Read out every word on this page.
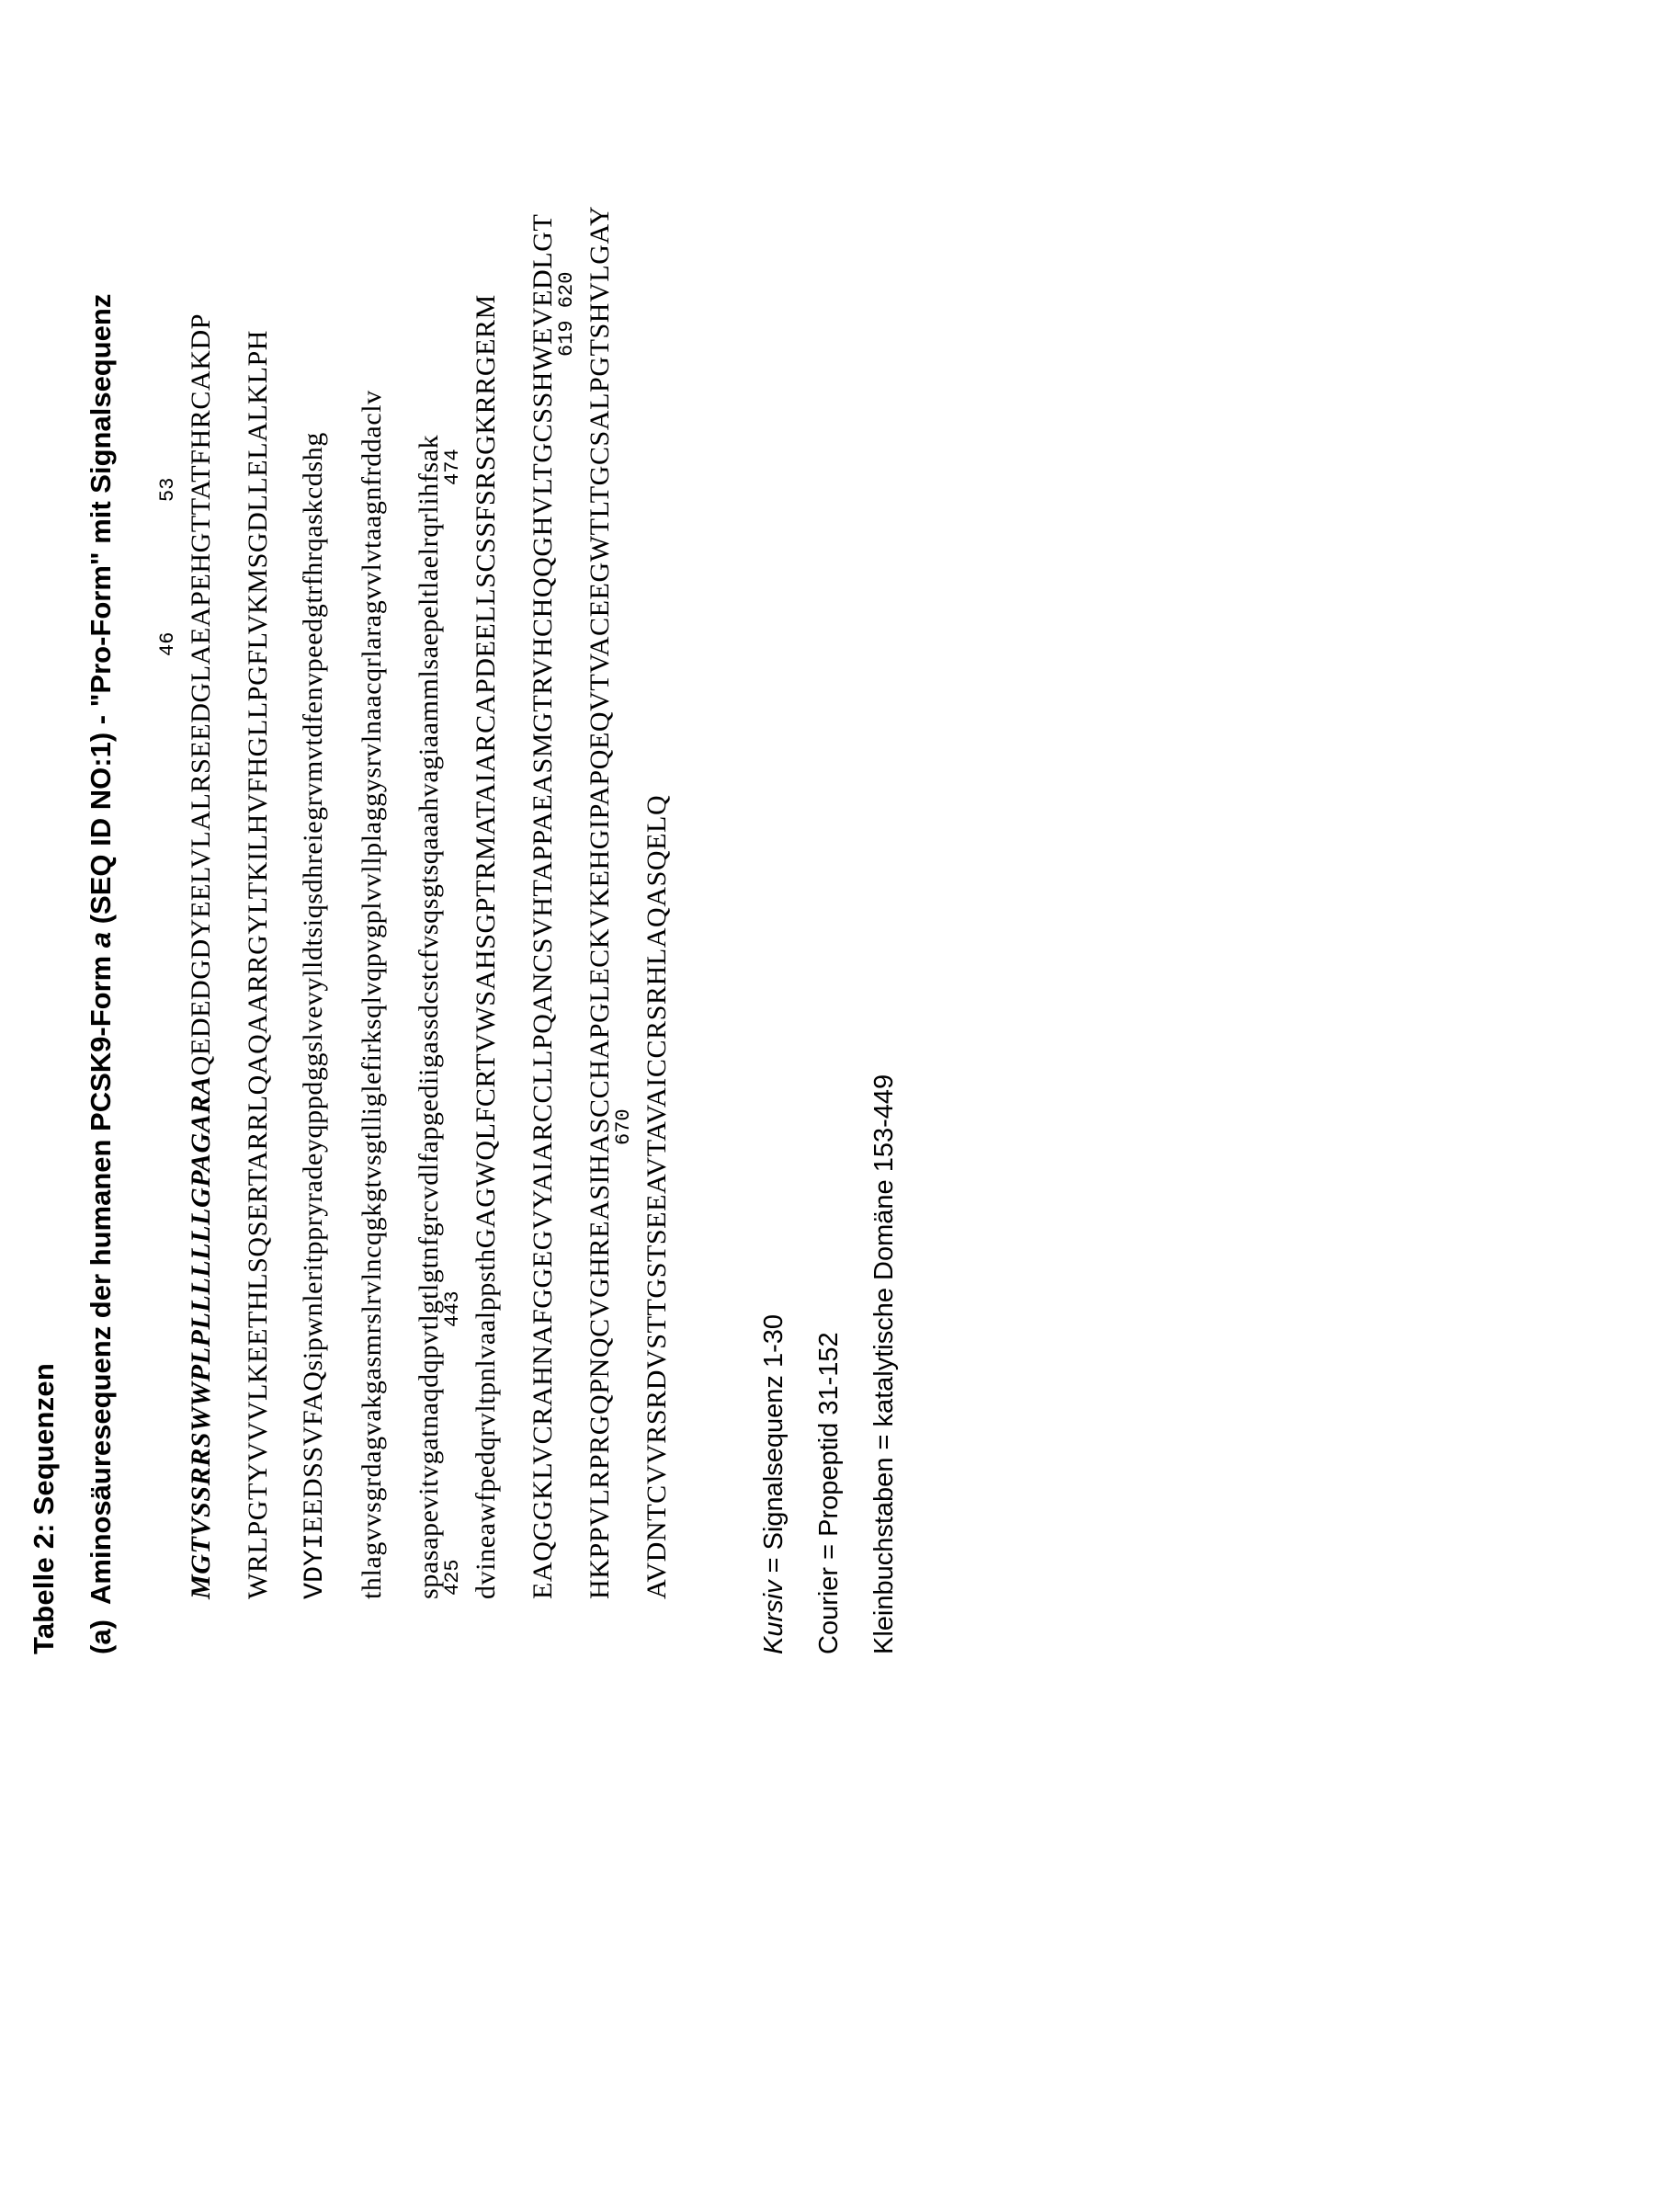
Tabelle 2: Sequenzen (a)
Aminosäuresequenz der humanen PCSK9-Form a (SEQ ID NO:1) - "Pro-Form" mit Signalsequenz 46
53
MGTVSSRRSWWPLPLLLLLLLGPAGARAQEDEDGDYEELVLALRSEEDGLAEAPEHGTTATFHRCAKDP WRLPGTYVVVLKEETHLSQSERTARRLQAQAARRGYLTKILHVFHGLLPGFLVKMSGDLLELALKLPH VDYIEEDSSVFAQsipwnleritppryradeyqppdggslvevylldtsiqsdhreiegrvmvtdfenvpeedgtrfhrqaskcdshg thlagvvsgrdagvakgasmrslrvlncqgkgtvsgtlliglefirksqlvqpvgplvvllplaggysrvlnaacqrlaragvvlvtaagnfrddaclv spasapevitvgatnaqdqpvtlgtlgtnfgrcvdlfapgediigassdcstcfvsqsgtsqaaahvagiaammlsaepeltlaelrqrlihfsak
425
443
474 dvineawfpedqrvltpnlvaalppsthGAGWQLFCRTVWSAHSGPTRMATAIARCAPDEELLSCSSFSRSGKRRGERM EAQGGKLVCRAHNAFGGEGVYAIARCCLLPQANCSVHTAPPAEASMGTRVHCHQQGHVLTGCSSHWEVEDLGT
619 620 HKPPVLRPRGQPNQCVGHREASIHASCCHAPGLECKVKEHGIPAPQEQVTVACEEGWTLTGCSALPGTSHVLGAY
670 AVDNTCVVRSRDVSTTGSTSEEAVTAVAICCRSRHLAQASQELQ
Kursiv = Signalsequenz 1-30 Courier = Propeptid 31-152 Kleinbuchstaben = katalytische Domäne 153-449
